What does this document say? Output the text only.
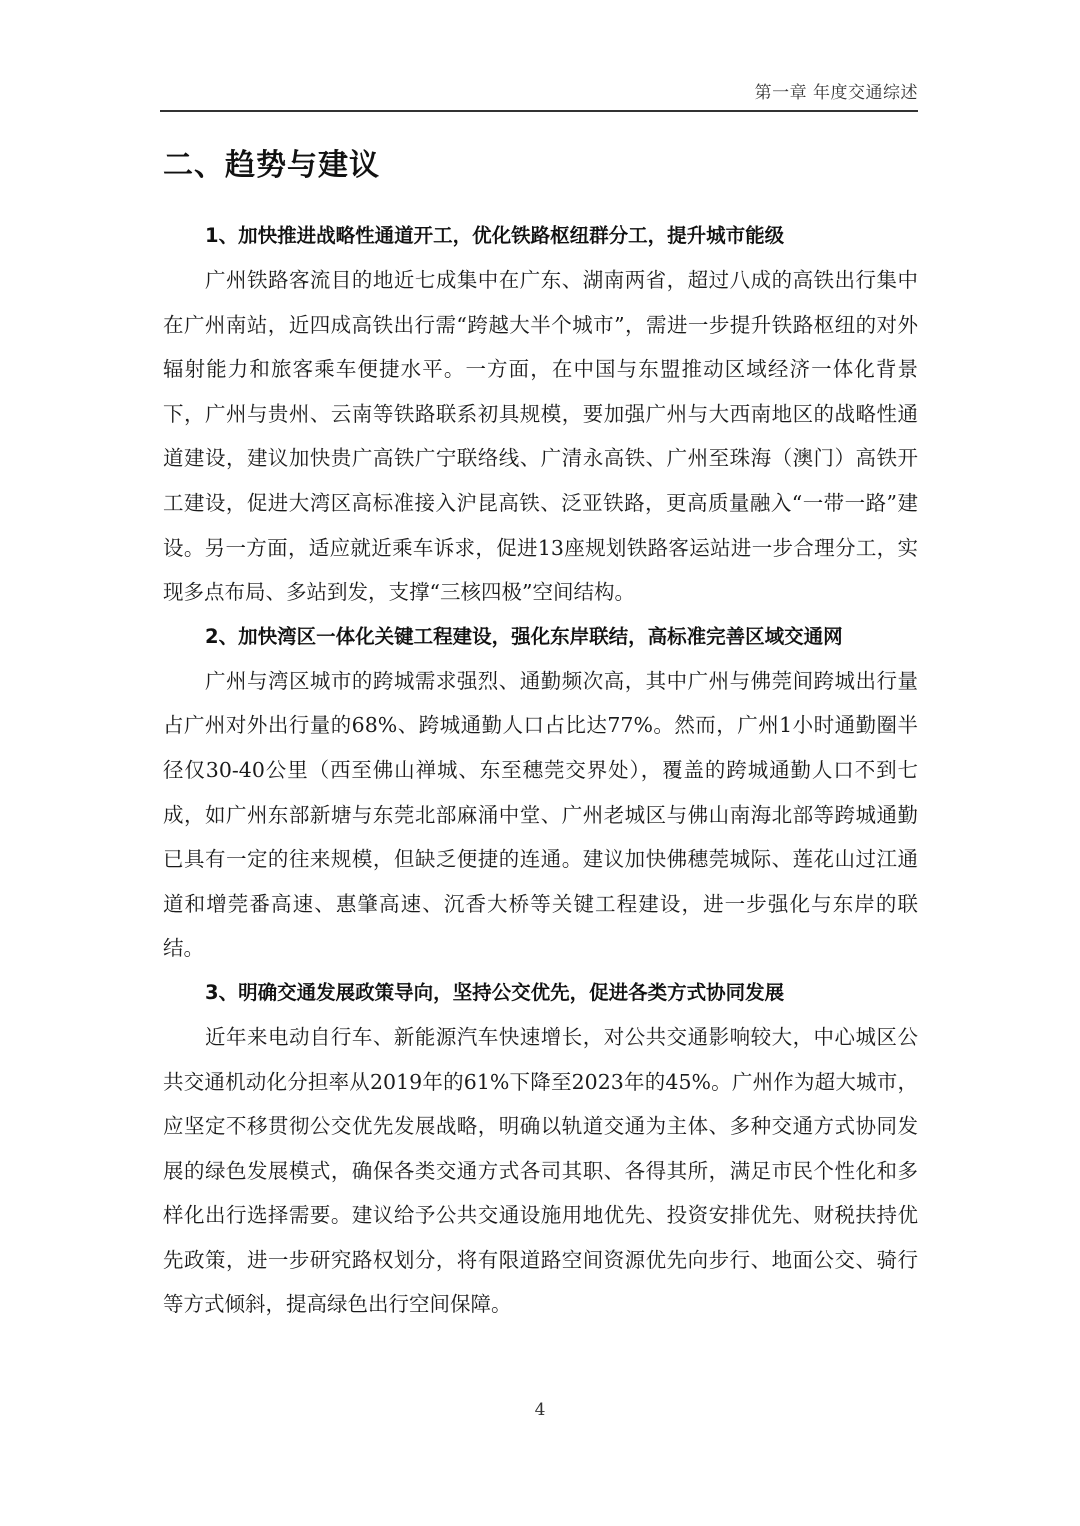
第一章 年度交通综述
二、趋势与建议
1、加快推进战略性通道开工，优化铁路枢纽群分工，提升城市能级

广州铁路客流目的地近七成集中在广东、湖南两省，超过八成的高铁出行集中在广州南站，近四成高铁出行需“跨越大半个城市”，需进一步提升铁路枢纽的对外辐射能力和旅客乘车便捷水平。一方面，在中国与东盟推动区域经济一体化背景下，广州与贵州、云南等铁路联系初具规模，要加强广州与大西南地区的战略性通道建设，建议加快贵广高铁广宁联络线、广清永高铁、广州至珠海（澳门）高铁开工建设，促进大湾区高标准接入沪昆高铁、泛亚铁路，更高质量融入“一带一路”建设。另一方面，适应就近乘车诉求，促进13座规划铁路客运站进一步合理分工，实现多点布局、多站到发，支撑“三核四极”空间结构。

2、加快湾区一体化关键工程建设，强化东岸联结，高标准完善区域交通网

广州与湾区城市的跨城需求强烈、通勤频次高，其中广州与佛莞间跨城出行量占广州对外出行量的68%、跨城通勤人口占比达77%。然而，广州1小时通勤圈半径仅30-40公里（西至佛山禅城、东至穗莞交界处），覆盖的跨城通勤人口不到七成，如广州东部新塘与东莞北部麻涌中堂、广州老城区与佛山南海北部等跨城通勤已具有一定的往来规模，但缺乏便捷的连通。建议加快佛穗莞城际、莲花山过江通道和增莞番高速、惠肇高速、沉香大桥等关键工程建设，进一步强化与东岸的联结。

3、明确交通发展政策导向，坚持公交优先，促进各类方式协同发展

近年来电动自行车、新能源汽车快速增长，对公共交通影响较大，中心城区公共交通机动化分担率从2019年的61%下降至2023年的45%。广州作为超大城市，应坚定不移贯彻公交优先发展战略，明确以轨道交通为主体、多种交通方式协同发展的绿色发展模式，确保各类交通方式各司其职、各得其所，满足市民个性化和多样化出行选择需要。建议给予公共交通设施用地优先、投资安排优先、财税扶持优先政策，进一步研究路权划分，将有限道路空间资源优先向步行、地面公交、骑行等方式倾斜，提高绿色出行空间保障。

4
